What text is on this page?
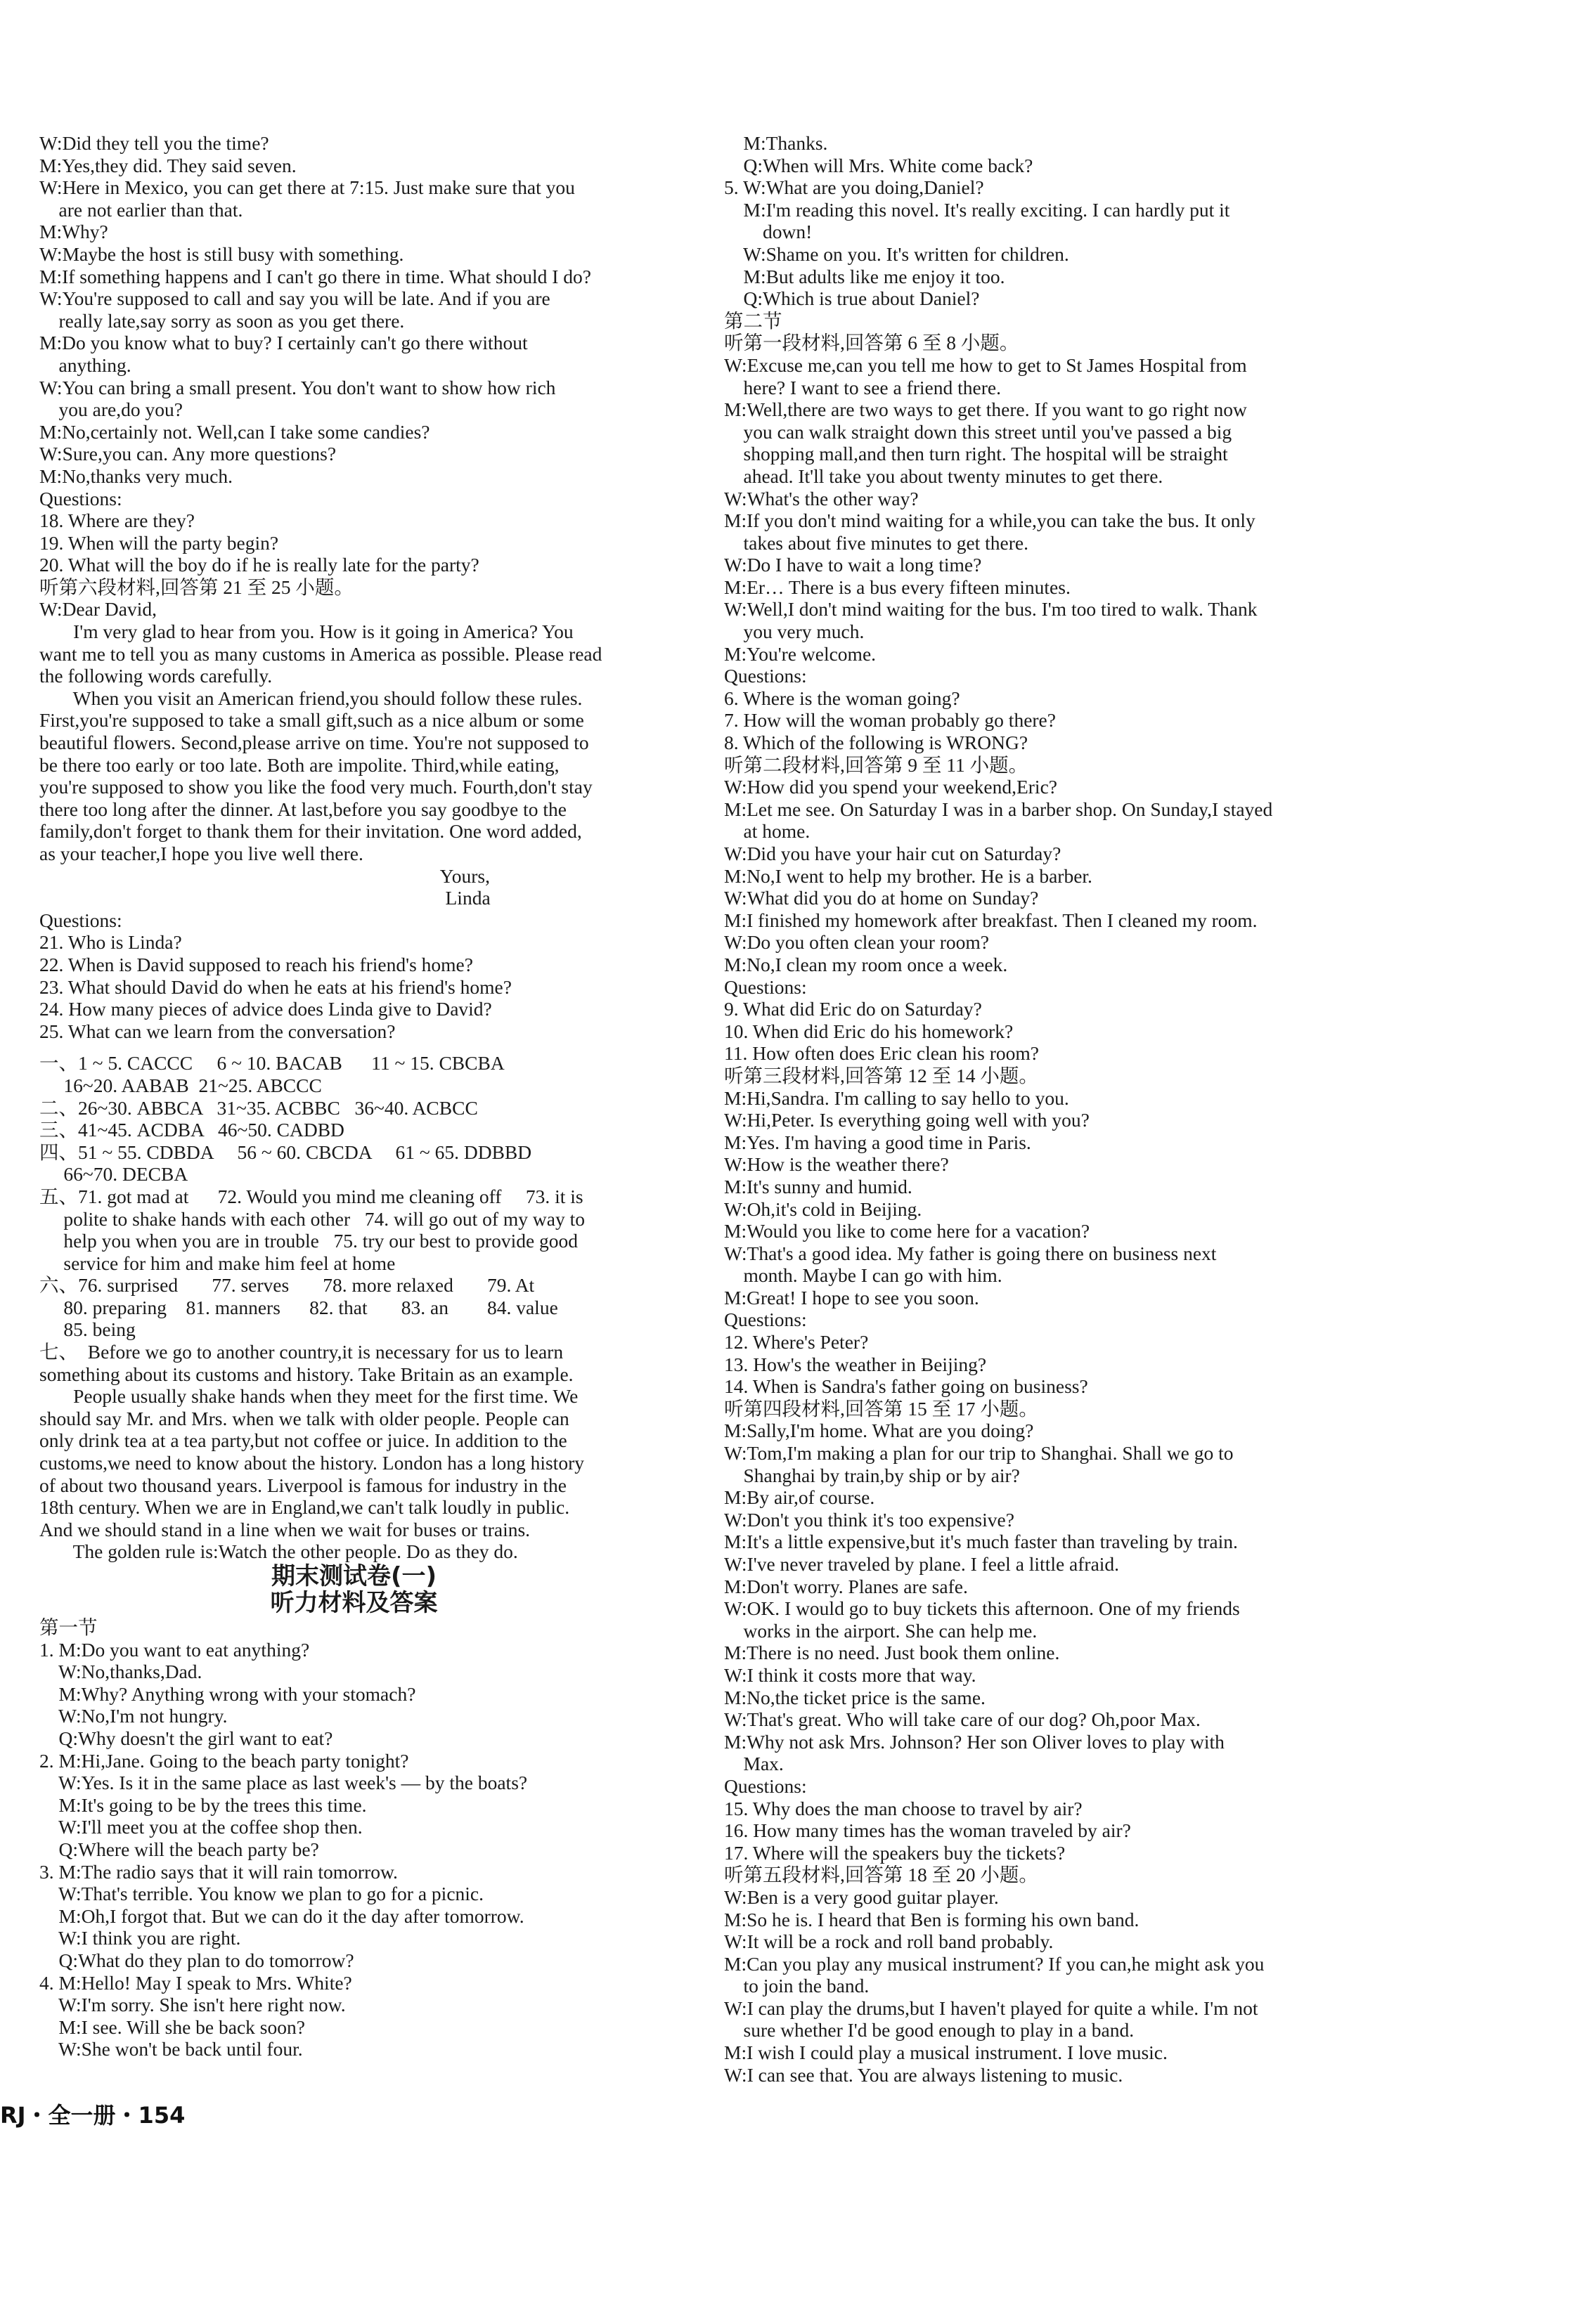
W:Did they tell you the time?
M:Yes,they did. They said seven.
W:Here in Mexico, you can get there at 7:15. Just make sure that you
are not earlier than that.
M:Why?
W:Maybe the host is still busy with something.
M:If something happens and I can't go there in time. What should I do?
W:You're supposed to call and say you will be late. And if you are
really late,say sorry as soon as you get there.
M:Do you know what to buy? I certainly can't go there without
anything.
W:You can bring a small present. You don't want to show how rich
you are,do you?
M:No,certainly not. Well,can I take some candies?
W:Sure,you can. Any more questions?
M:No,thanks very much.
Questions:
18. Where are they?
19. When will the party begin?
20. What will the boy do if he is really late for the party?
听第六段材料,回答第 21 至 25 小题。
W:Dear David,
I'm very glad to hear from you. How is it going in America? You
want me to tell you as many customs in America as possible. Please read
the following words carefully.
When you visit an American friend,you should follow these rules.
First,you're supposed to take a small gift,such as a nice album or some
beautiful flowers. Second,please arrive on time. You're not supposed to
be there too early or too late. Both are impolite. Third,while eating,
you're supposed to show you like the food very much. Fourth,don't stay
there too long after the dinner. At last,before you say goodbye to the
family,don't forget to thank them for their invitation. One word added,
as your teacher,I hope you live well there.
Yours,
Linda
Questions:
21. Who is Linda?
22. When is David supposed to reach his friend's home?
23. What should David do when he eats at his friend's home?
24. How many pieces of advice does Linda give to David?
25. What can we learn from the conversation?
一、1 ~ 5. CACCC     6 ~ 10. BACAB      11 ~ 15. CBCBA
16~20. AABAB  21~25. ABCCC
二、26~30. ABBCA   31~35. ACBBC   36~40. ACBCC
三、41~45. ACDBA   46~50. CADBD
四、51 ~ 55. CDBDA     56 ~ 60. CBCDA     61 ~ 65. DDBBD
66~70. DECBA
五、71. got mad at      72. Would you mind me cleaning off     73. it is
polite to shake hands with each other   74. will go out of my way to
help you when you are in trouble   75. try our best to provide good
service for him and make him feel at home
六、76. surprised       77. serves       78. more relaxed       79. At
80. preparing    81. manners      82. that       83. an        84. value
85. being
七、  Before we go to another country,it is necessary for us to learn
something about its customs and history. Take Britain as an example.
People usually shake hands when they meet for the first time. We
should say Mr. and Mrs. when we talk with older people. People can
only drink tea at a tea party,but not coffee or juice. In addition to the
customs,we need to know about the history. London has a long history
of about two thousand years. Liverpool is famous for industry in the
18th century. When we are in England,we can't talk loudly in public.
And we should stand in a line when we wait for buses or trains.
The golden rule is:Watch the other people. Do as they do.
期末测试卷(一)
听力材料及答案
第一节
1. M:Do you want to eat anything?
W:No,thanks,Dad.
M:Why? Anything wrong with your stomach?
W:No,I'm not hungry.
Q:Why doesn't the girl want to eat?
2. M:Hi,Jane. Going to the beach party tonight?
W:Yes. Is it in the same place as last week's — by the boats?
M:It's going to be by the trees this time.
W:I'll meet you at the coffee shop then.
Q:Where will the beach party be?
3. M:The radio says that it will rain tomorrow.
W:That's terrible. You know we plan to go for a picnic.
M:Oh,I forgot that. But we can do it the day after tomorrow.
W:I think you are right.
Q:What do they plan to do tomorrow?
4. M:Hello! May I speak to Mrs. White?
W:I'm sorry. She isn't here right now.
M:I see. Will she be back soon?
W:She won't be back until four.
M:Thanks.
Q:When will Mrs. White come back?
5. W:What are you doing,Daniel?
M:I'm reading this novel. It's really exciting. I can hardly put it
down!
W:Shame on you. It's written for children.
M:But adults like me enjoy it too.
Q:Which is true about Daniel?
第二节
听第一段材料,回答第 6 至 8 小题。
W:Excuse me,can you tell me how to get to St James Hospital from
here? I want to see a friend there.
M:Well,there are two ways to get there. If you want to go right now
you can walk straight down this street until you've passed a big
shopping mall,and then turn right. The hospital will be straight
ahead. It'll take you about twenty minutes to get there.
W:What's the other way?
M:If you don't mind waiting for a while,you can take the bus. It only
takes about five minutes to get there.
W:Do I have to wait a long time?
M:Er… There is a bus every fifteen minutes.
W:Well,I don't mind waiting for the bus. I'm too tired to walk. Thank
you very much.
M:You're welcome.
Questions:
6. Where is the woman going?
7. How will the woman probably go there?
8. Which of the following is WRONG?
听第二段材料,回答第 9 至 11 小题。
W:How did you spend your weekend,Eric?
M:Let me see. On Saturday I was in a barber shop. On Sunday,I stayed
at home.
W:Did you have your hair cut on Saturday?
M:No,I went to help my brother. He is a barber.
W:What did you do at home on Sunday?
M:I finished my homework after breakfast. Then I cleaned my room.
W:Do you often clean your room?
M:No,I clean my room once a week.
Questions:
9. What did Eric do on Saturday?
10. When did Eric do his homework?
11. How often does Eric clean his room?
听第三段材料,回答第 12 至 14 小题。
M:Hi,Sandra. I'm calling to say hello to you.
W:Hi,Peter. Is everything going well with you?
M:Yes. I'm having a good time in Paris.
W:How is the weather there?
M:It's sunny and humid.
W:Oh,it's cold in Beijing.
M:Would you like to come here for a vacation?
W:That's a good idea. My father is going there on business next
month. Maybe I can go with him.
M:Great! I hope to see you soon.
Questions:
12. Where's Peter?
13. How's the weather in Beijing?
14. When is Sandra's father going on business?
听第四段材料,回答第 15 至 17 小题。
M:Sally,I'm home. What are you doing?
W:Tom,I'm making a plan for our trip to Shanghai. Shall we go to
Shanghai by train,by ship or by air?
M:By air,of course.
W:Don't you think it's too expensive?
M:It's a little expensive,but it's much faster than traveling by train.
W:I've never traveled by plane. I feel a little afraid.
M:Don't worry. Planes are safe.
W:OK. I would go to buy tickets this afternoon. One of my friends
works in the airport. She can help me.
M:There is no need. Just book them online.
W:I think it costs more that way.
M:No,the ticket price is the same.
W:That's great. Who will take care of our dog? Oh,poor Max.
M:Why not ask Mrs. Johnson? Her son Oliver loves to play with
Max.
Questions:
15. Why does the man choose to travel by air?
16. How many times has the woman traveled by air?
17. Where will the speakers buy the tickets?
听第五段材料,回答第 18 至 20 小题。
W:Ben is a very good guitar player.
M:So he is. I heard that Ben is forming his own band.
W:It will be a rock and roll band probably.
M:Can you play any musical instrument? If you can,he might ask you
to join the band.
W:I can play the drums,but I haven't played for quite a while. I'm not
sure whether I'd be good enough to play in a band.
M:I wish I could play a musical instrument. I love music.
W:I can see that. You are always listening to music.
RJ・全一册・154
